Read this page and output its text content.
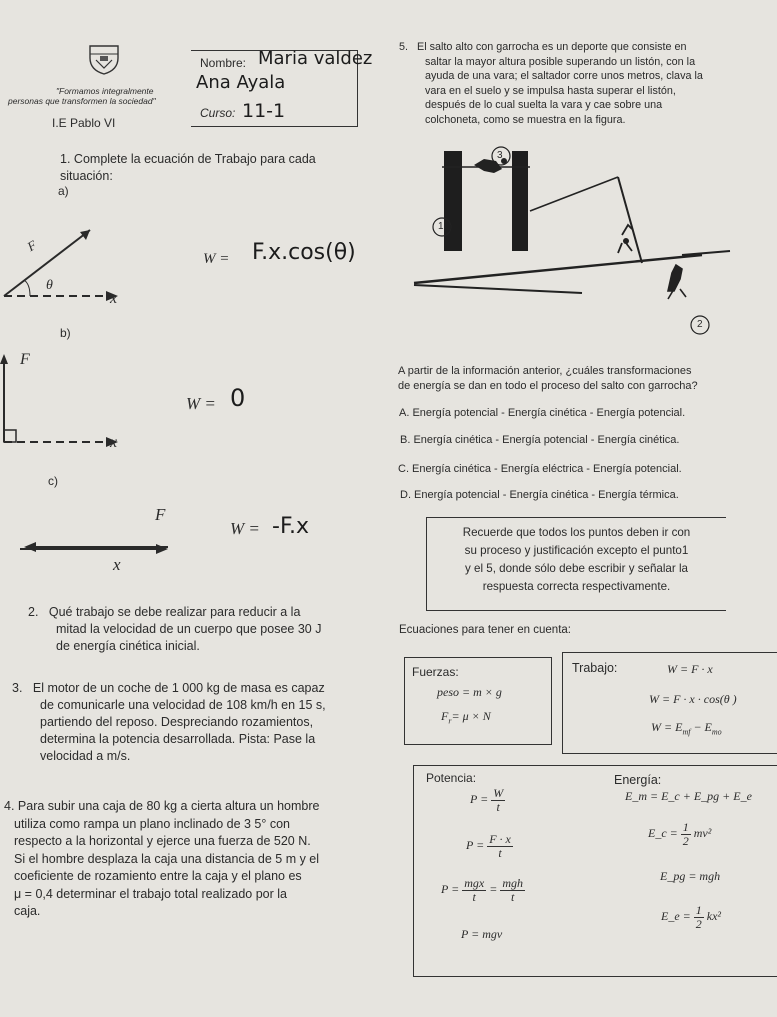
"Formamos integralmente
personas que transformen la sociedad"
I.E Pablo VI
Nombre: Maria valdez
Ana Ayala
Curso: 11-1
1. Complete la ecuación de Trabajo para cada situación:
a)
F
θ
x
W = F.x.cos(θ)
b)
F
x
W = 0
c)
F
x
W = -F.x
2. Qué trabajo se debe realizar para reducir a la
mitad la velocidad de un cuerpo que posee 30 J
de energía cinética inicial.
3. El motor de un coche de 1 000 kg de masa es capaz
de comunicarle una velocidad de 108 km/h en 15 s,
partiendo del reposo. Despreciando rozamientos,
determina la potencia desarrollada. Pista: Pase la
velocidad a m/s.
4. Para subir una caja de 80 kg a cierta altura un hombre
utiliza como rampa un plano inclinado de 3 5° con
respecto a la horizontal y ejerce una fuerza de 520 N.
Si el hombre desplaza la caja una distancia de 5 m y el
coeficiente de rozamiento entre la caja y el plano es
μ = 0,4 determinar el trabajo total realizado por la
caja.
5. El salto alto con garrocha es un deporte que consiste en
saltar la mayor altura posible superando un listón, con la
ayuda de una vara; el saltador corre unos metros, clava la
vara en el suelo y se impulsa hasta superar el listón,
después de lo cual suelta la vara y cae sobre una
colchoneta, como se muestra en la figura.
3
1
2
A partir de la información anterior, ¿cuáles transformaciones
de energía se dan en todo el proceso del salto con garrocha?
A. Energía potencial - Energía cinética - Energía potencial.
B. Energía cinética - Energía potencial - Energía cinética.
C. Energía cinética - Energía eléctrica - Energía potencial.
D. Energía potencial - Energía cinética - Energía térmica.
Recuerde que todos los puntos deben ir con
su proceso y justificación excepto el punto1
y el 5, donde sólo debe escribir y señalar la
respuesta correcta respectivamente.
Ecuaciones para tener en cuenta:
Fuerzas:
peso = m × g
$F_r= \mu \times N$
Trabajo:	W = F · x
W = F · x · cos(θ )
$W = E_{mf} - E_{mo}$
Potencia:	Energía:
$P = \frac{W}{t}$
$P = \frac{F \cdot x}{t}$
$P = \frac{\text{mgx}}{t} = \frac{\text{mgh}}{t}$
P = mgv
E_m = E_c + E_pg + E_e
E_c = $\frac{1}{2} mv^2$
E_pg = mgh
E_e = $\frac{1}{2} kx^2$
